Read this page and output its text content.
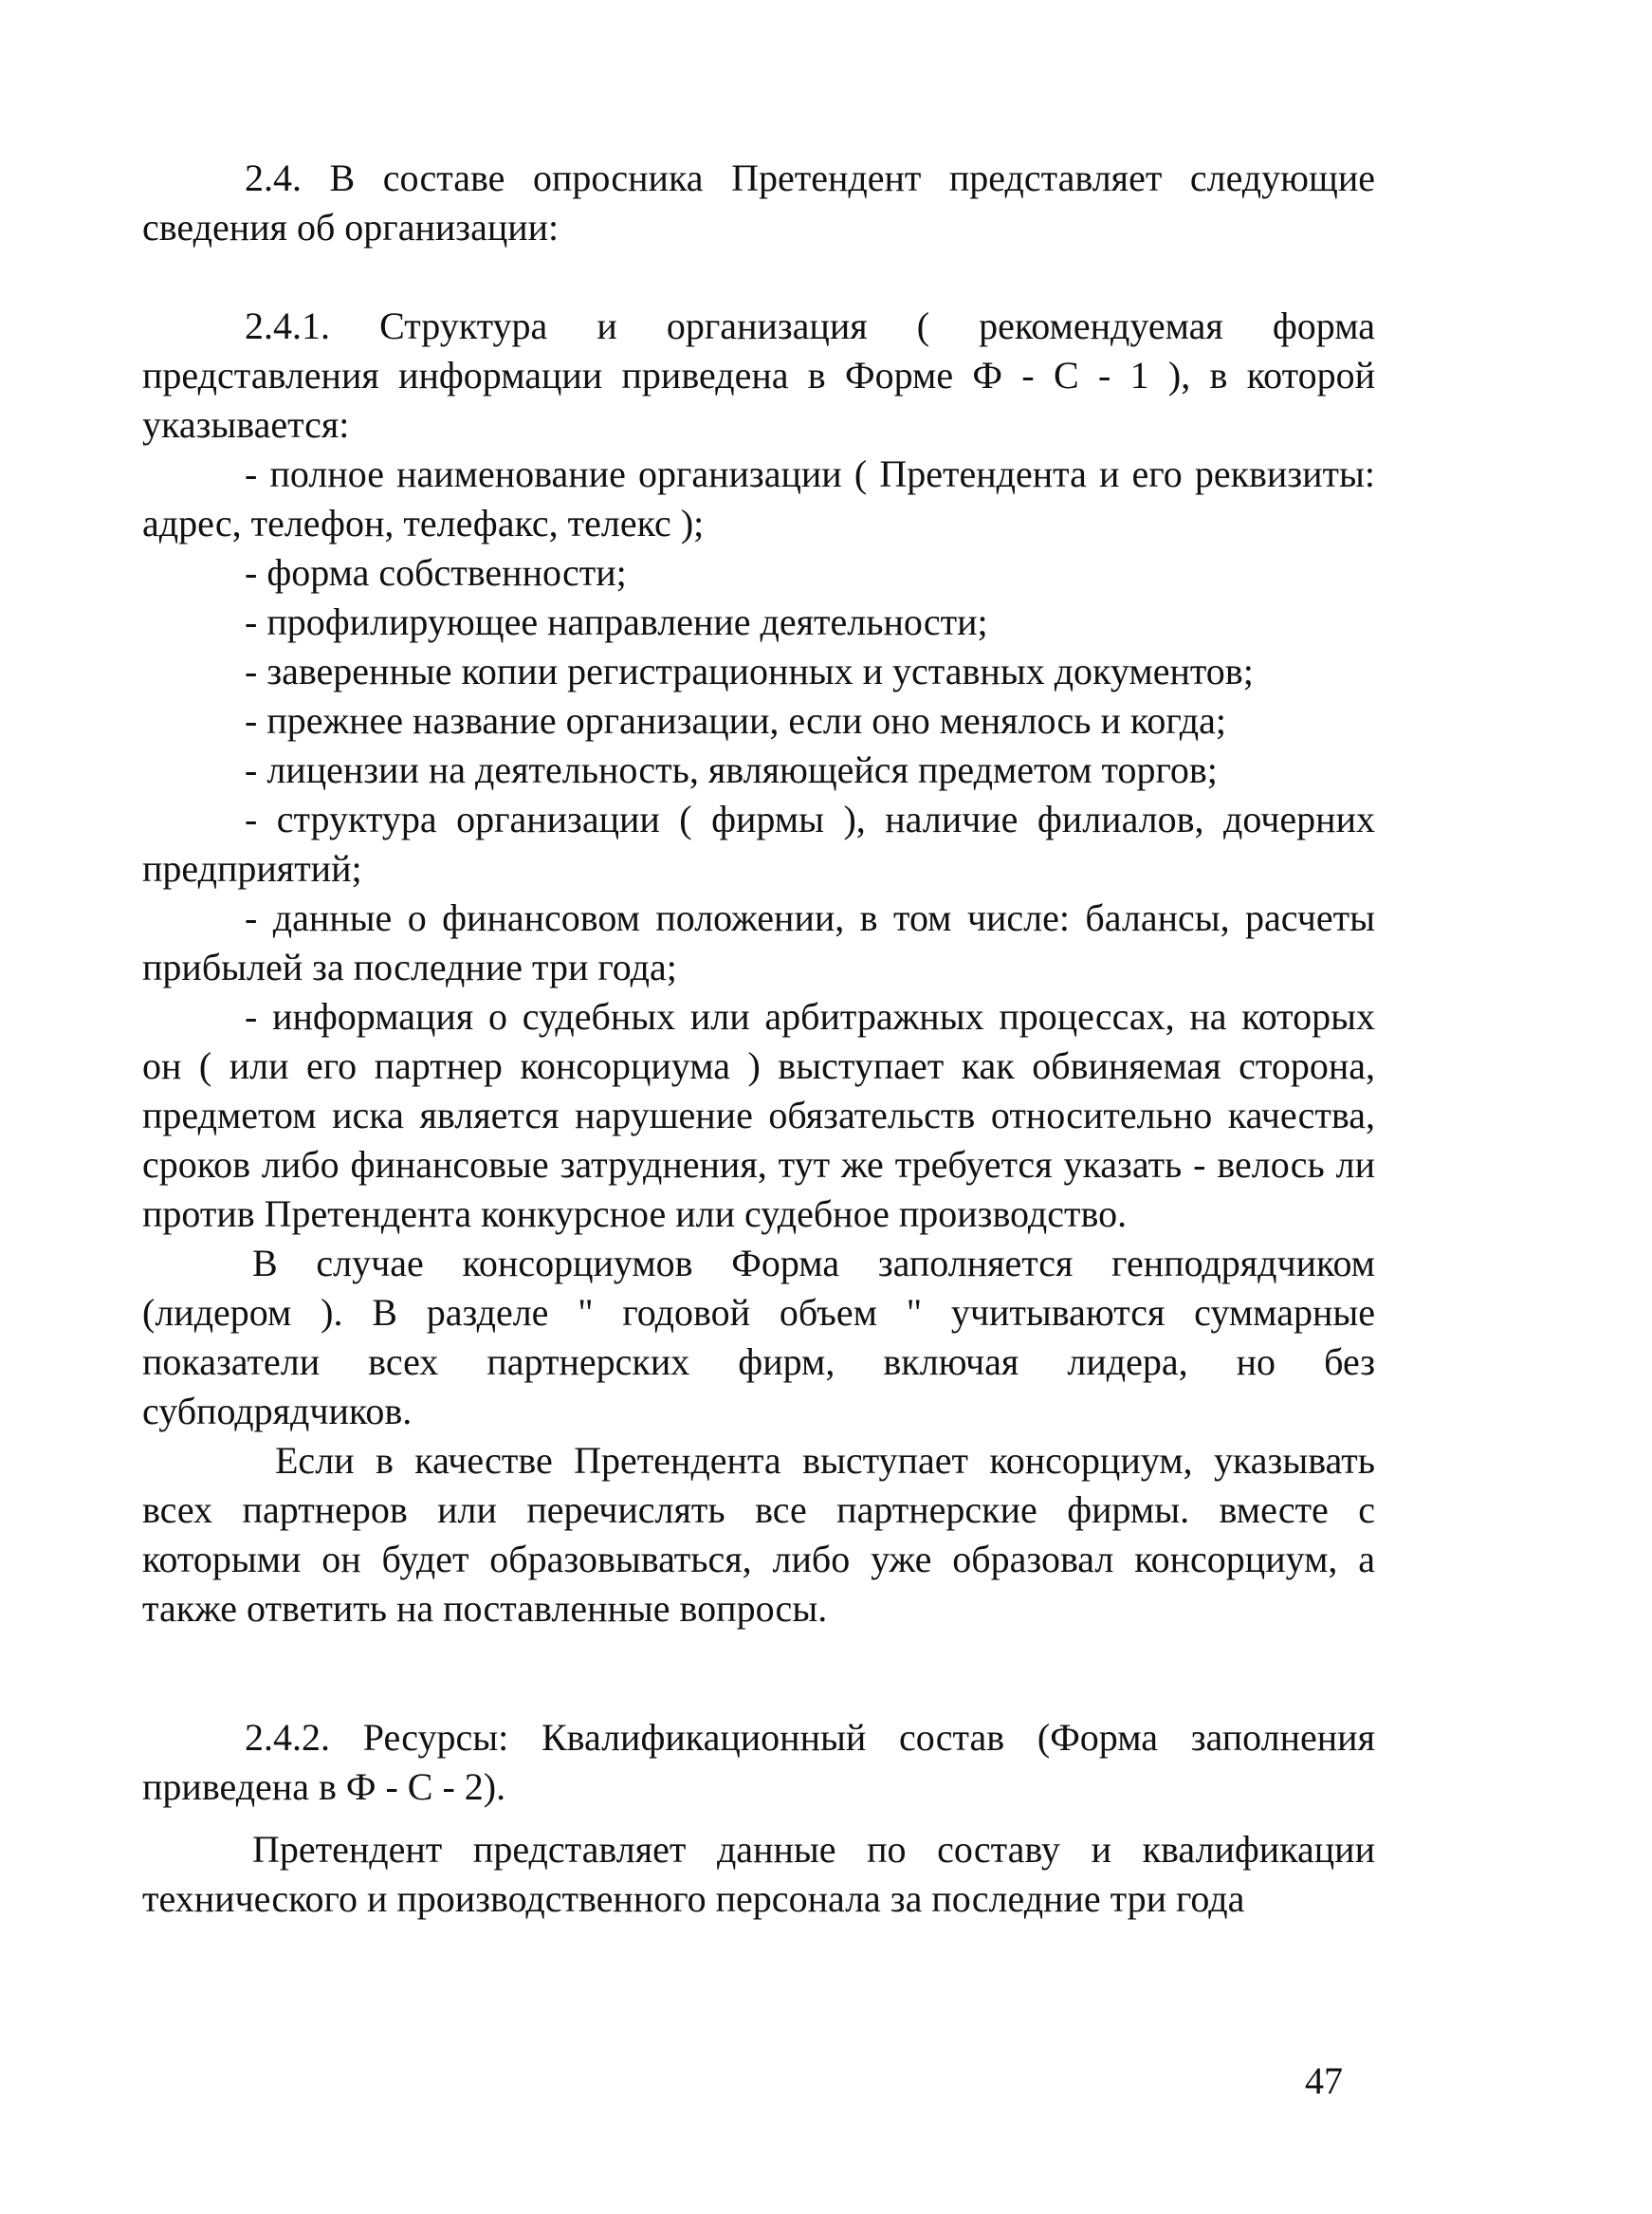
2.4. В составе опросника Претендент представляет следующие сведения об организации:

2.4.1. Структура и организация ( рекомендуемая форма представления информации приведена в Форме Ф - С - 1 ), в которой указывается:

- полное наименование организации ( Претендента и его реквизиты: адрес, телефон, телефакс, телекс );

- форма собственности;

- профилирующее направление деятельности;

- заверенные копии регистрационных и уставных документов;

- прежнее название организации, если оно менялось и когда;

- лицензии на деятельность, являющейся предметом торгов;

- структура организации ( фирмы ), наличие филиалов, дочерних предприятий;

- данные о финансовом положении, в том числе: балансы, расчеты прибылей за последние три года;

- информация о судебных или арбитражных процессах, на которых он ( или его партнер консорциума ) выступает как обвиняемая сторона, предметом иска является нарушение обязательств относительно качества, сроков либо финансовые затруднения, тут же требуется указать - велось ли против Претендента конкурсное или судебное производство.

В случае консорциумов Форма заполняется генподрядчиком (лидером ). В разделе " годовой объем " учитываются суммарные показатели всех партнерских фирм, включая лидера, но без субподрядчиков.

Если в качестве Претендента выступает консорциум, указывать всех партнеров или перечислять все партнерские фирмы. вместе с которыми он будет образовываться, либо уже образовал консорциум, а также ответить на поставленные вопросы.

2.4.2. Ресурсы: Квалификационный состав (Форма заполнения приведена в Ф - С - 2).

Претендент представляет данные по составу и квалификации технического и производственного персонала за последние три года

47
